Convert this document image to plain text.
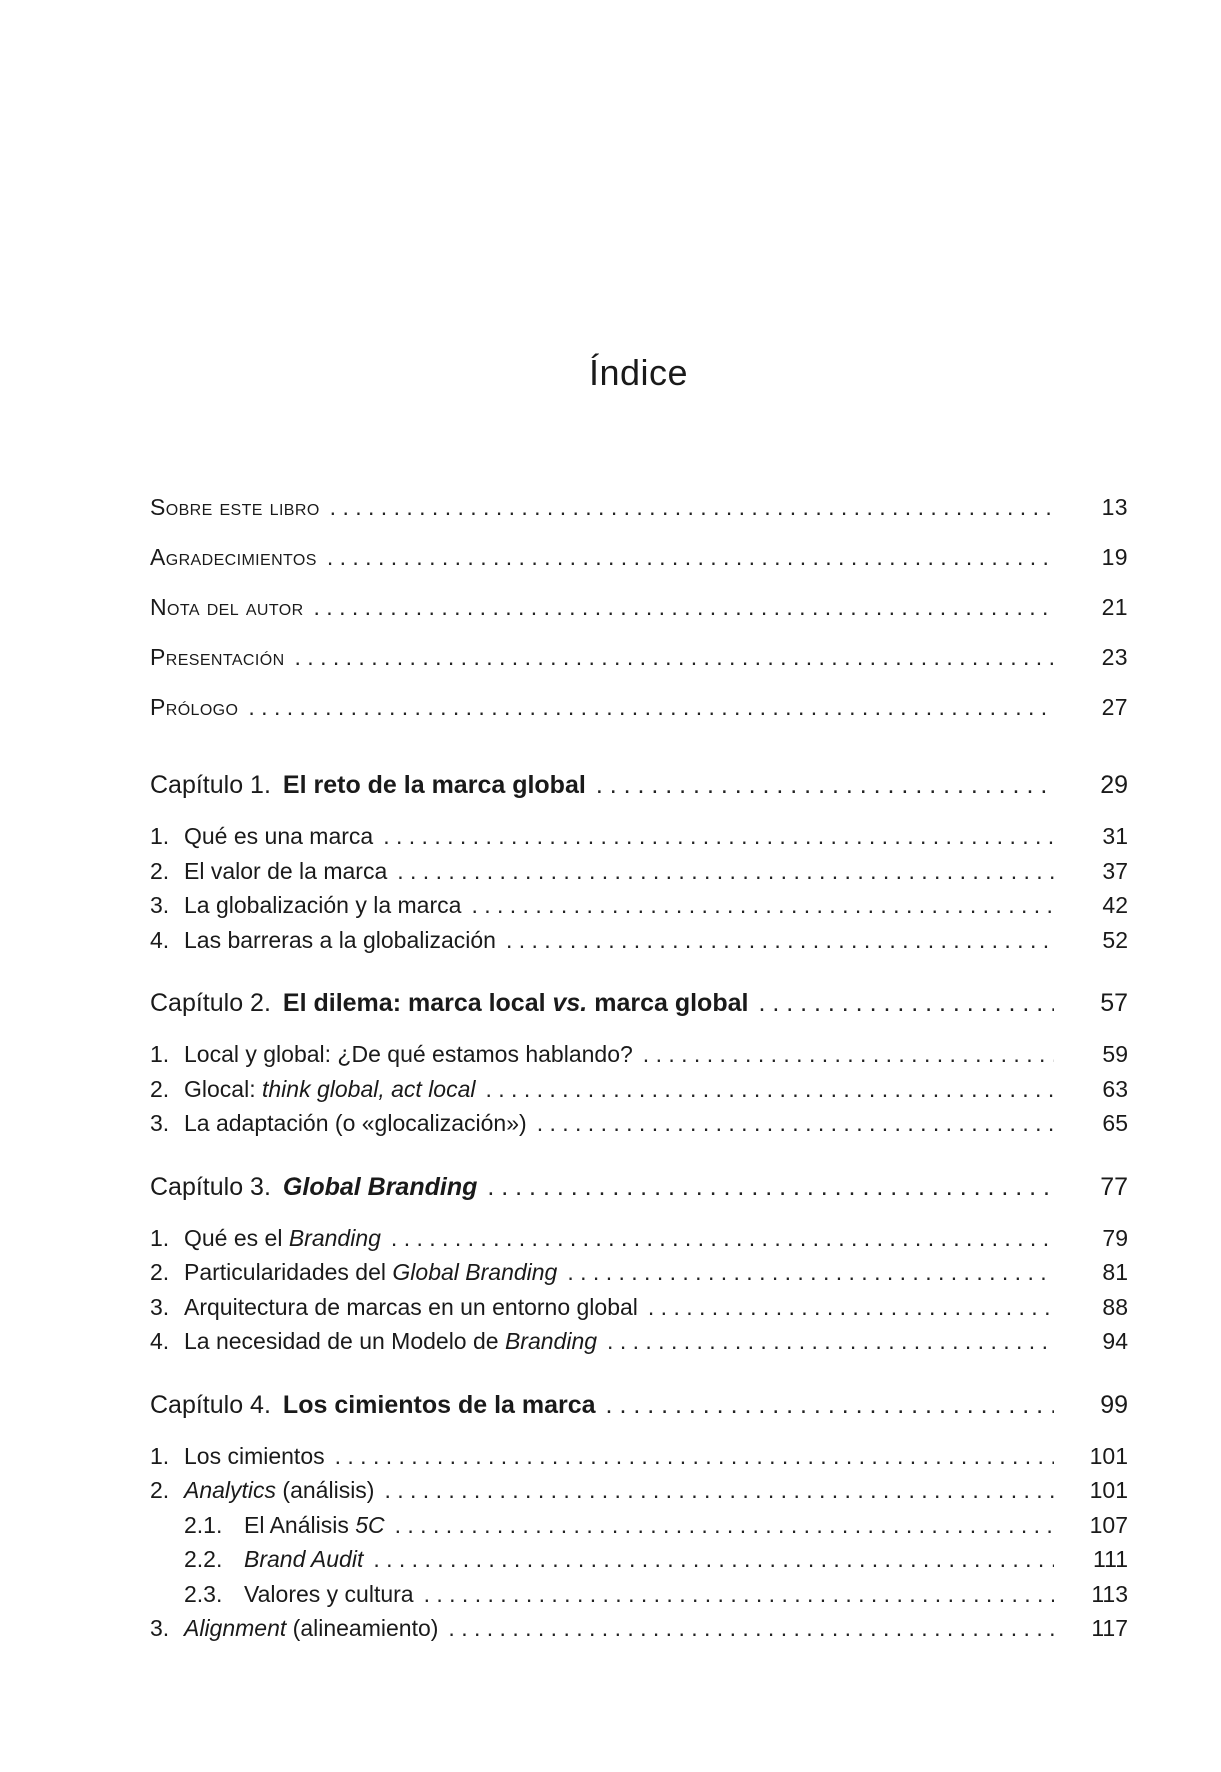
Índice
Sobre este libro . . .	13
Agradecimientos . . .	19
Nota del autor . . .	21
Presentación . . .	23
Prólogo . . .	27
Capítulo 1. El reto de la marca global . . .	29
1. Qué es una marca . . .	31
2. El valor de la marca . . .	37
3. La globalización y la marca . . .	42
4. Las barreras a la globalización . . .	52
Capítulo 2. El dilema: marca local vs. marca global . . .	57
1. Local y global: ¿De qué estamos hablando? . . .	59
2. Glocal: think global, act local . . .	63
3. La adaptación (o «glocalización») . . .	65
Capítulo 3. Global Branding . . .	77
1. Qué es el Branding . . .	79
2. Particularidades del Global Branding . . .	81
3. Arquitectura de marcas en un entorno global . . .	88
4. La necesidad de un Modelo de Branding . . .	94
Capítulo 4. Los cimientos de la marca . . .	99
1. Los cimientos . . .	101
2. Analytics (análisis) . . .	101
2.1. El Análisis 5C . . .	107
2.2. Brand Audit . . .	111
2.3. Valores y cultura . . .	113
3. Alignment (alineamiento) . . .	117
